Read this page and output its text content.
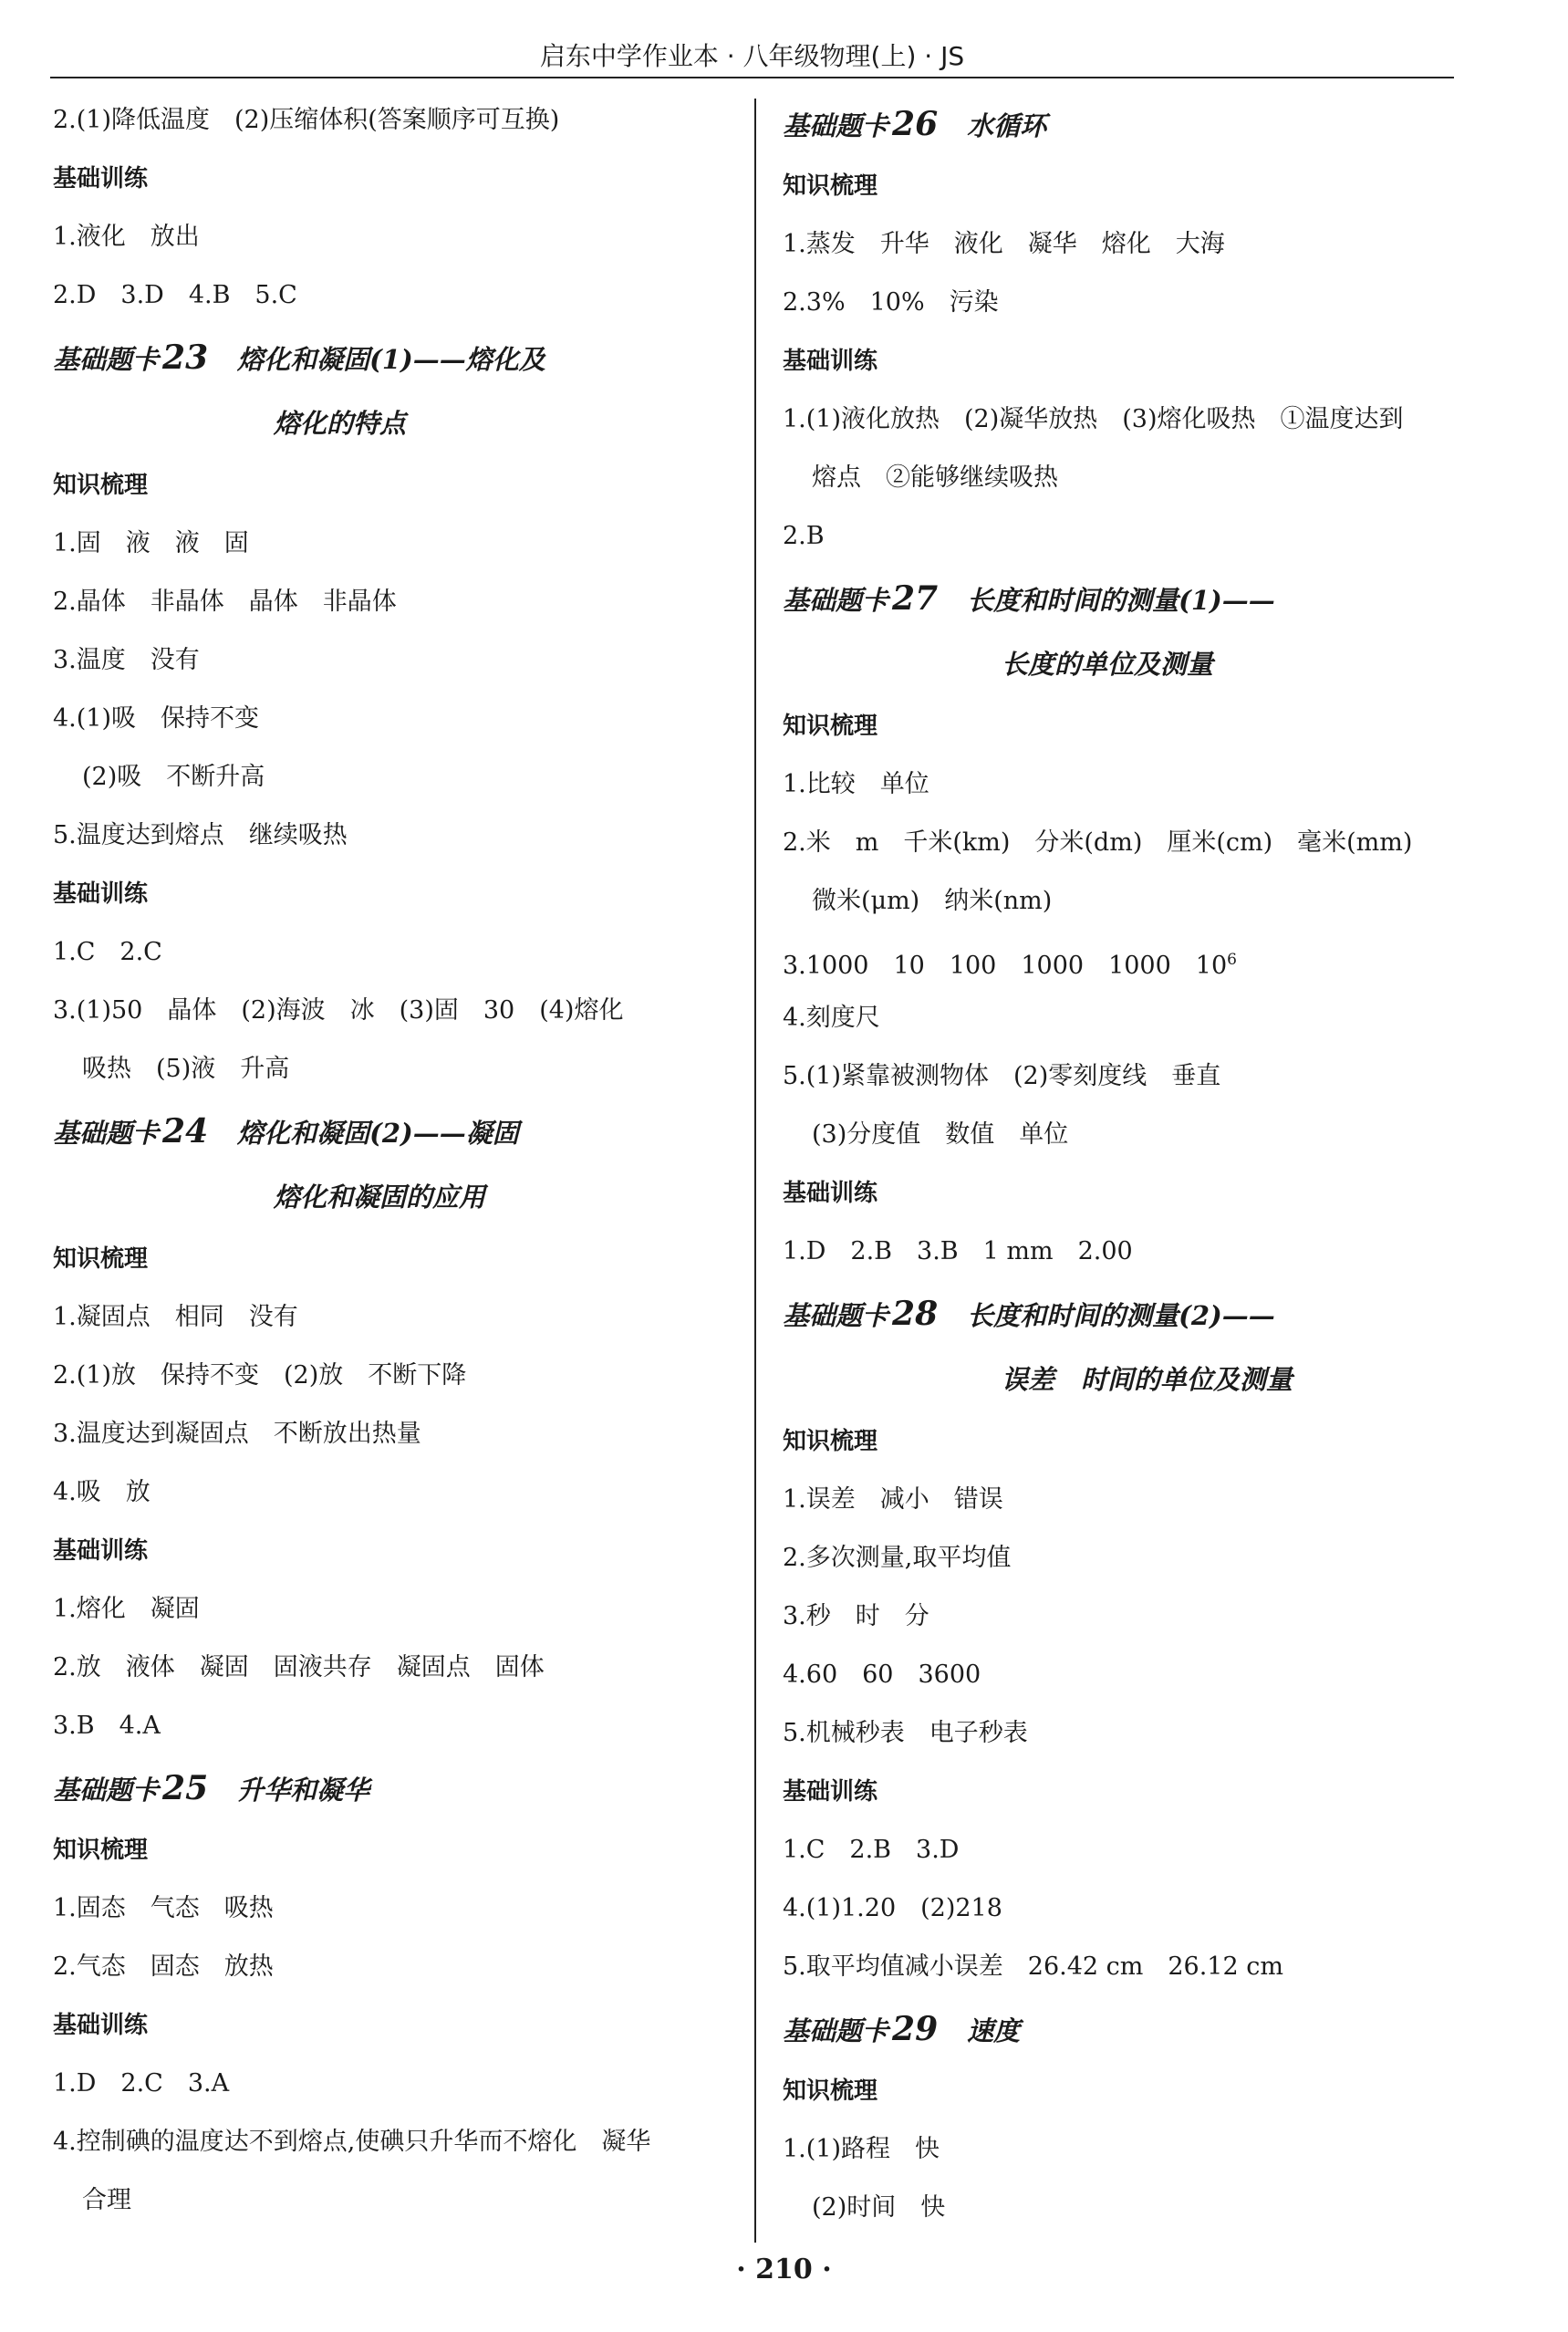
启东中学作业本 · 八年级物理(上) · JS
2.(1)降低温度　(2)压缩体积(答案顺序可互换)
基础训练
1.液化　放出
2.D　3.D　4.B　5.C
基础题卡 23 熔化和凝固(1)——熔化及
熔化的特点
知识梳理
1.固　液　液　固
2.晶体　非晶体　晶体　非晶体
3.温度　没有
4.(1)吸　保持不变
(2)吸　不断升高
5.温度达到熔点　继续吸热
基础训练
1.C　2.C
3.(1)50　晶体　(2)海波　冰　(3)固　30　(4)熔化
吸热　(5)液　升高
基础题卡 24 熔化和凝固(2)——凝固
熔化和凝固的应用
知识梳理
1.凝固点　相同　没有
2.(1)放　保持不变　(2)放　不断下降
3.温度达到凝固点　不断放出热量
4.吸　放
基础训练
1.熔化　凝固
2.放　液体　凝固　固液共存　凝固点　固体
3.B　4.A
基础题卡 25 升华和凝华
知识梳理
1.固态　气态　吸热
2.气态　固态　放热
基础训练
1.D　2.C　3.A
4.控制碘的温度达不到熔点,使碘只升华而不熔化　凝华
合理
基础题卡 26 水循环
知识梳理
1.蒸发　升华　液化　凝华　熔化　大海
2.3%　10%　污染
基础训练
1.(1)液化放热　(2)凝华放热　(3)熔化吸热　①温度达到
熔点　②能够继续吸热
2.B
基础题卡 27 长度和时间的测量(1)——
长度的单位及测量
知识梳理
1.比较　单位
2.米　m　千米(km)　分米(dm)　厘米(cm)　毫米(mm)
微米(μm)　纳米(nm)
3.1000　10　100　1000　1000　$10^6$
4.刻度尺
5.(1)紧靠被测物体　(2)零刻度线　垂直
(3)分度值　数值　单位
基础训练
1.D　2.B　3.B　1 mm　2.00
基础题卡 28 长度和时间的测量(2)——
误差　时间的单位及测量
知识梳理
1.误差　减小　错误
2.多次测量,取平均值
3.秒　时　分
4.60　60　3600
5.机械秒表　电子秒表
基础训练
1.C　2.B　3.D
4.(1)1.20　(2)218
5.取平均值减小误差　26.42 cm　26.12 cm
基础题卡 29 速度
知识梳理
1.(1)路程　快
(2)时间　快
· 210 ·
